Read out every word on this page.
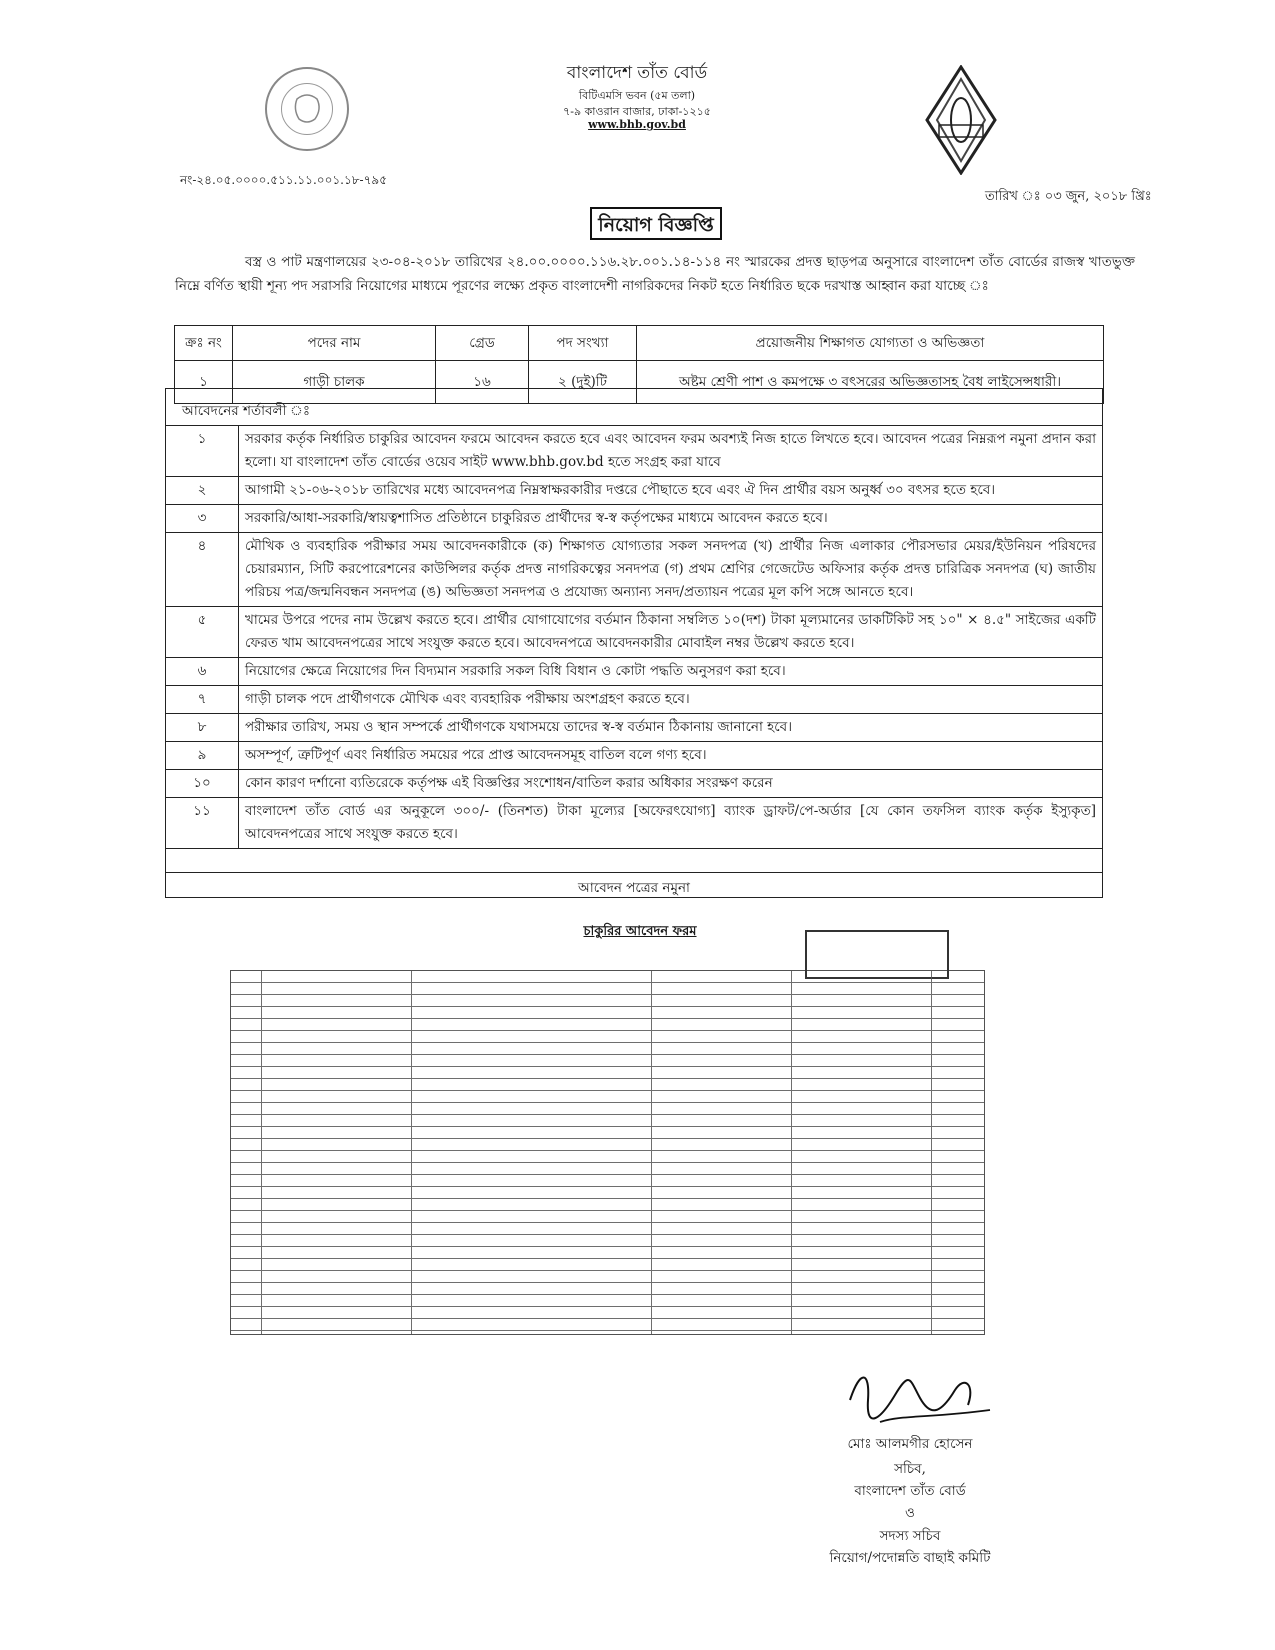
বাংলাদেশ তাঁত বোর্ড
বিটিএমসি ভবন (৫ম তলা)
৭-৯ কাওরান বাজার, ঢাকা-১২১৫
www.bhb.gov.bd
নং-২৪.০৫.০০০০.৫১১.১১.০০১.১৮-৭৯৫
তারিখ ঃ ০৩ জুন, ২০১৮ খ্রিঃ
নিয়োগ বিজ্ঞপ্তি
বস্ত্র ও পাট মন্ত্রণালয়ের ২৩-০৪-২০১৮ তারিখের ২৪.০০.০০০০.১১৬.২৮.০০১.১৪-১১৪ নং স্মারকের প্রদত্ত ছাড়পত্র অনুসারে বাংলাদেশ তাঁত বোর্ডের রাজস্ব খাতভুক্ত নিম্নে বর্ণিত স্থায়ী শূন্য পদ সরাসরি নিয়োগের মাধ্যমে পূরণের লক্ষ্যে প্রকৃত বাংলাদেশী নাগরিকদের নিকট হতে নির্ধারিত ছকে দরখাস্ত আহ্বান করা যাচ্ছে ঃ
ক্রঃ নং	পদের নাম	গ্রেড	পদ সংখ্যা	প্রয়োজনীয় শিক্ষাগত যোগ্যতা ও অভিজ্ঞতা
১	গাড়ী চালক	১৬	২ (দুই)টি	অষ্টম শ্রেণী পাশ ও কমপক্ষে ৩ বৎসরের অভিজ্ঞতাসহ বৈধ লাইসেন্সধারী।
আবেদনের শর্তাবলী ঃ
১	সরকার কর্তৃক নির্ধারিত চাকুরির আবেদন ফরমে আবেদন করতে হবে এবং আবেদন ফরম অবশ্যই নিজ হাতে লিখতে হবে। আবেদন পত্রের নিম্নরূপ নমুনা প্রদান করা হলো। যা বাংলাদেশ তাঁত বোর্ডের ওয়েব সাইট www.bhb.gov.bd হতে সংগ্রহ করা যাবে
২	আগামী ২১-০৬-২০১৮ তারিখের মধ্যে আবেদনপত্র নিম্নস্বাক্ষরকারীর দপ্তরে পৌছাতে হবে এবং ঐ দিন প্রার্থীর বয়স অনুর্ধ্ব ৩০ বৎসর হতে হবে।
৩	সরকারি/আধা-সরকারি/স্বায়ত্বশাসিত প্রতিষ্ঠানে চাকুরিরত প্রার্থীদের স্ব-স্ব কর্তৃপক্ষের মাধ্যমে আবেদন করতে হবে।
৪	মৌখিক ও ব্যবহারিক পরীক্ষার সময় আবেদনকারীকে (ক) শিক্ষাগত যোগ্যতার সকল সনদপত্র (খ) প্রার্থীর নিজ এলাকার পৌরসভার মেয়র/ইউনিয়ন পরিষদের চেয়ারম্যান, সিটি করপোরেশনের কাউন্সিলর কর্তৃক প্রদত্ত নাগরিকত্বের সনদপত্র (গ) প্রথম শ্রেণির গেজেটেড অফিসার কর্তৃক প্রদত্ত চারিত্রিক সনদপত্র (ঘ) জাতীয় পরিচয় পত্র/জন্মনিবন্ধন সনদপত্র (ঙ) অভিজ্ঞতা সনদপত্র ও প্রযোজ্য অন্যান্য সনদ/প্রত্যায়ন পত্রের মূল কপি সঙ্গে আনতে হবে।
৫	খামের উপরে পদের নাম উল্লেখ করতে হবে। প্রার্থীর যোগাযোগের বর্তমান ঠিকানা সম্বলিত ১০(দশ) টাকা মূল্যমানের ডাকটিকিট সহ ১০" × ৪.৫" সাইজের একটি ফেরত খাম আবেদনপত্রের সাথে সংযুক্ত করতে হবে। আবেদনপত্রে আবেদনকারীর মোবাইল নম্বর উল্লেখ করতে হবে।
৬	নিয়োগের ক্ষেত্রে নিয়োগের দিন বিদ্যমান সরকারি সকল বিধি বিধান ও কোটা পদ্ধতি অনুসরণ করা হবে।
৭	গাড়ী চালক পদে প্রার্থীগণকে মৌখিক এবং ব্যবহারিক পরীক্ষায় অংশগ্রহণ করতে হবে।
৮	পরীক্ষার তারিখ, সময় ও স্থান সম্পর্কে প্রার্থীগণকে যথাসময়ে তাদের স্ব-স্ব বর্তমান ঠিকানায় জানানো হবে।
৯	অসম্পূর্ণ, ত্রুটিপূর্ণ এবং নির্ধারিত সময়ের পরে প্রাপ্ত আবেদনসমূহ বাতিল বলে গণ্য হবে।
১০	কোন কারণ দর্শানো ব্যতিরেকে কর্তৃপক্ষ এই বিজ্ঞপ্তির সংশোধন/বাতিল করার অধিকার সংরক্ষণ করেন
১১	বাংলাদেশ তাঁত বোর্ড এর অনুকূলে ৩০০/- (তিনশত) টাকা মূল্যের [অফেরৎযোগ্য] ব্যাংক ড্রাফট/পে-অর্ডার [যে কোন তফসিল ব্যাংক কর্তৃক ইস্যুকৃত] আবেদনপত্রের সাথে সংযুক্ত করতে হবে।
আবেদন পত্রের নমুনা
চাকুরির আবেদন ফরম
মোঃ আলমগীর হোসেন
সচিব,
বাংলাদেশ তাঁত বোর্ড
ও
সদস্য সচিব
নিয়োগ/পদোন্নতি বাছাই কমিটি
